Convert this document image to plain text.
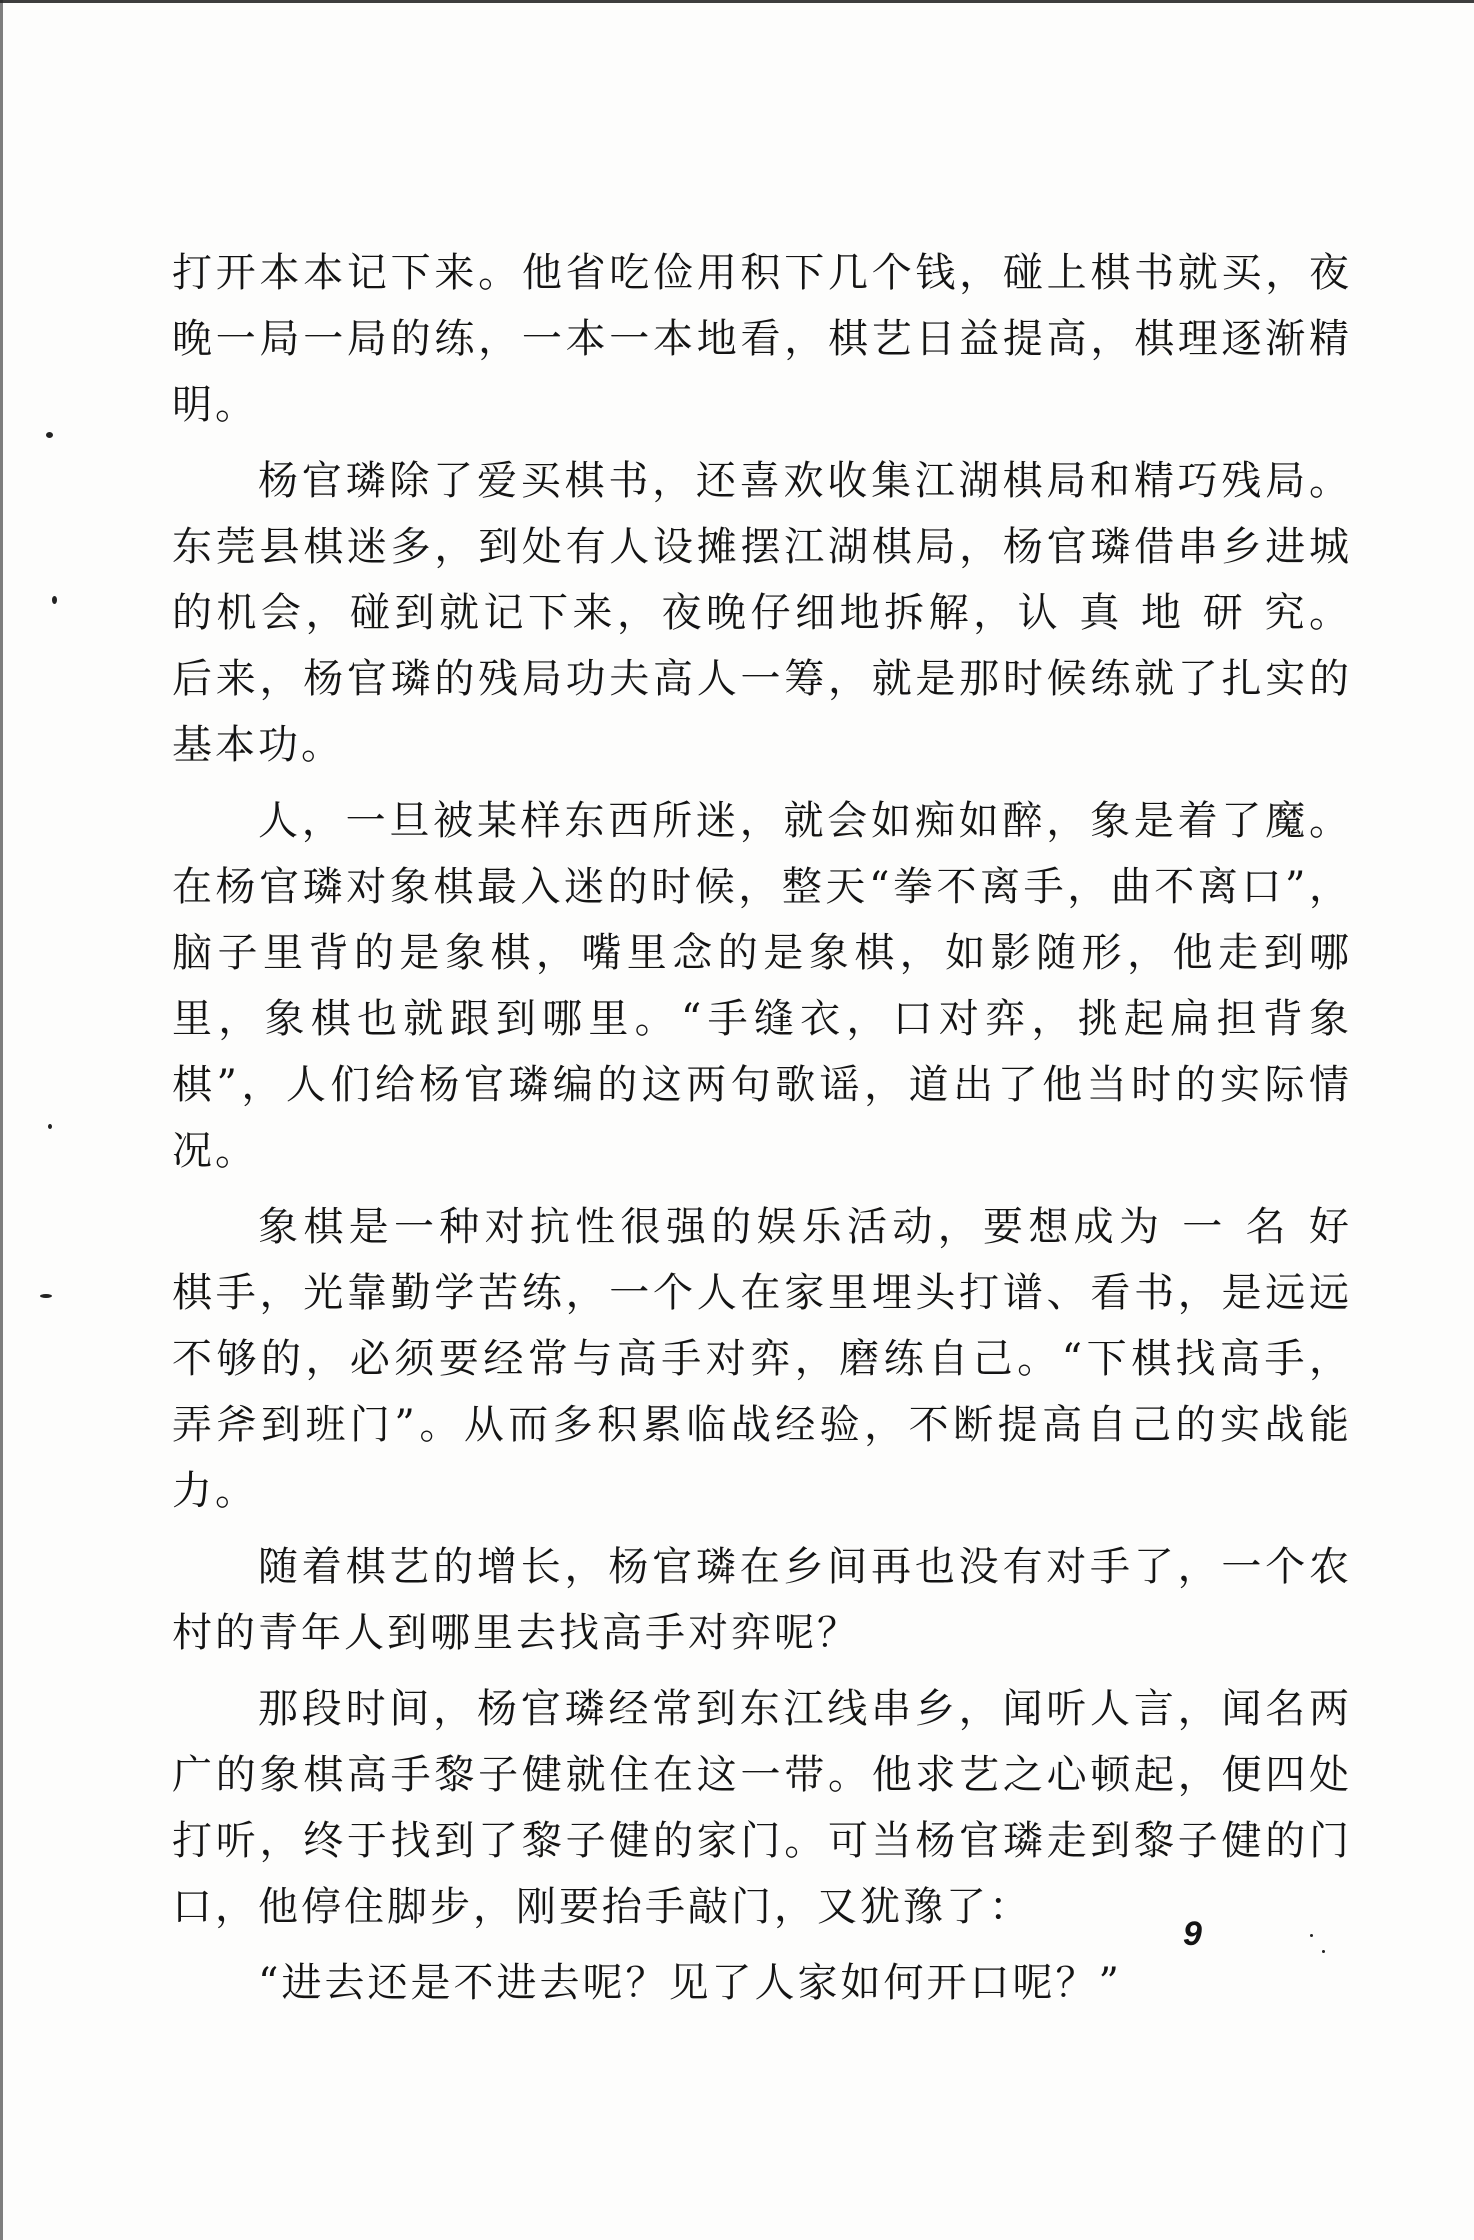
打开本本记下来。他省吃俭用积下几个钱，碰上棋书就买，夜晚一局一局的练，一本一本地看，棋艺日益提高，棋理逐渐精明。

杨官璘除了爱买棋书，还喜欢收集江湖棋局和精巧残局。东莞县棋迷多，到处有人设摊摆江湖棋局，杨官璘借串乡进城的机会，碰到就记下来，夜晚仔细地拆解，认 真 地 研 究。后来，杨官璘的残局功夫高人一筹，就是那时候练就了扎实的基本功。

人，一旦被某样东西所迷，就会如痴如醉，象是着了魔。在杨官璘对象棋最入迷的时候，整天“拳不离手，曲不离口”，脑子里背的是象棋，嘴里念的是象棋，如影随形，他走到哪里，象棋也就跟到哪里。“手缝衣，口对弈，挑起扁担背象棋”，人们给杨官璘编的这两句歌谣，道出了他当时的实际情况。

象棋是一种对抗性很强的娱乐活动，要想成为 一 名 好 棋手，光靠勤学苦练，一个人在家里埋头打谱、看书，是远远不够的，必须要经常与高手对弈，磨练自己。“下棋找高手，弄斧到班门”。从而多积累临战经验，不断提高自己的实战能力。

随着棋艺的增长，杨官璘在乡间再也没有对手了，一个农村的青年人到哪里去找高手对弈呢？

那段时间，杨官璘经常到东江线串乡，闻听人言，闻名两广的象棋高手黎子健就住在这一带。他求艺之心顿起，便四处打听，终于找到了黎子健的家门。可当杨官璘走到黎子健的门口，他停住脚步，刚要抬手敲门，又犹豫了：

“进去还是不进去呢？见了人家如何开口呢？”

9
